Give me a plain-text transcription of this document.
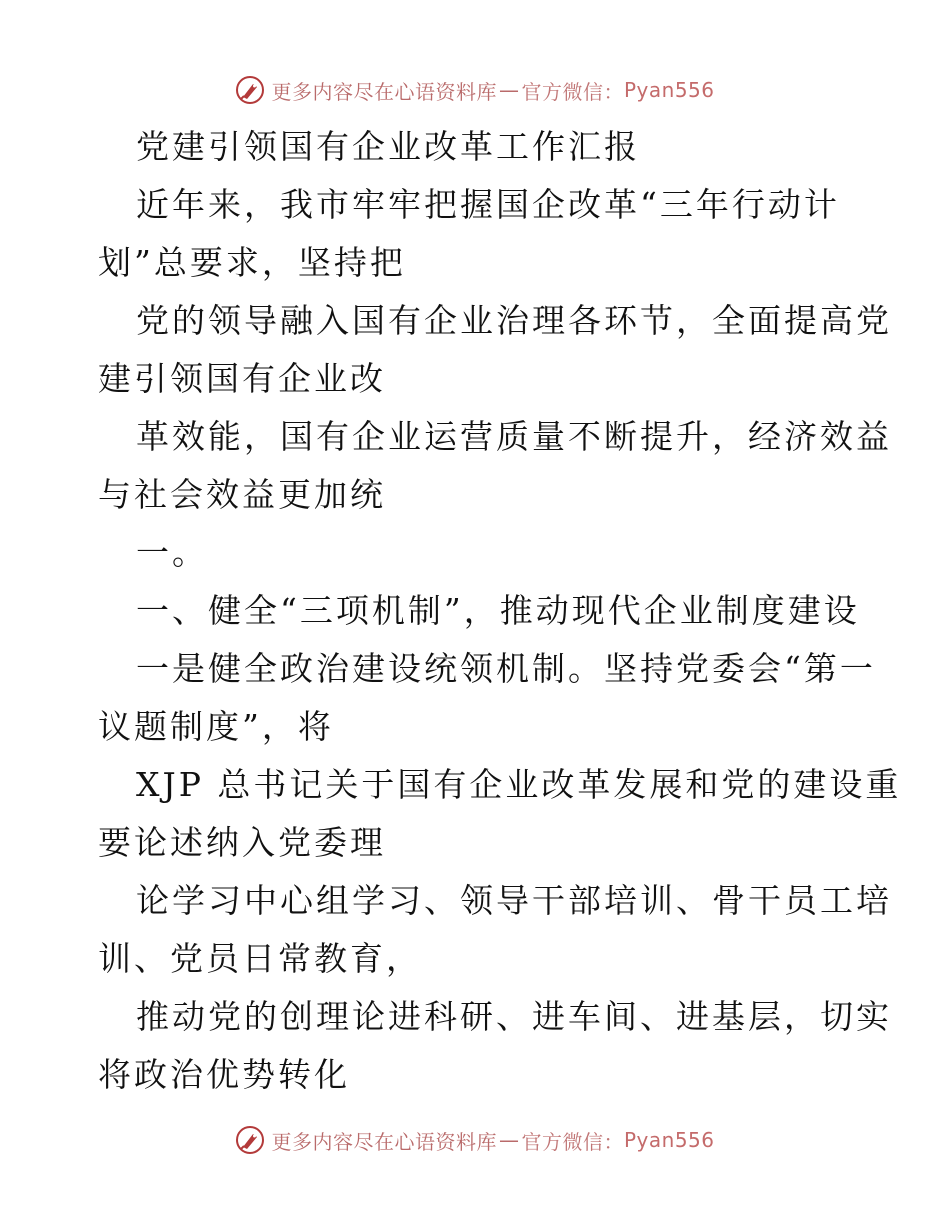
更多内容尽在心语资料库 — 官方微信： Pyan556
党建引领国有企业改革工作汇报
近年来，我市牢牢把握国企改革“三年行动计
划”总要求，坚持把
党的领导融入国有企业治理各环节，全面提高党
建引领国有企业改
革效能，国有企业运营质量不断提升，经济效益
与社会效益更加统
一。
一、健全“三项机制”，推动现代企业制度建设
一是健全政治建设统领机制。坚持党委会“第一
议题制度”，将
XJP 总书记关于国有企业改革发展和党的建设重
要论述纳入党委理
论学习中心组学习、领导干部培训、骨干员工培
训、党员日常教育，
推动党的创理论进科研、进车间、进基层，切实
将政治优势转化
更多内容尽在心语资料库 — 官方微信： Pyan556
